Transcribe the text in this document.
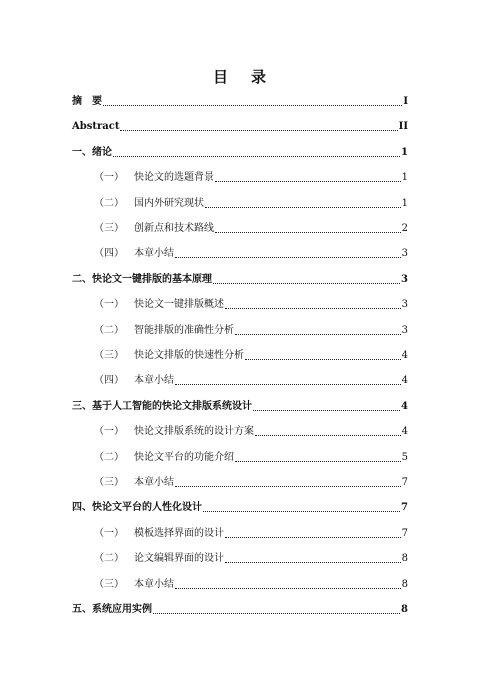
目 录
摘　要	I
Abstract	II
一、绪论	1
（一） 快论文的选题背景	1
（二） 国内外研究现状	1
（三） 创新点和技术路线	2
（四） 本章小结	3
二、快论文一键排版的基本原理	3
（一） 快论文一键排版概述	3
（二） 智能排版的准确性分析	3
（三） 快论文排版的快速性分析	4
（四） 本章小结	4
三、基于人工智能的快论文排版系统设计	4
（一） 快论文排版系统的设计方案	4
（二） 快论文平台的功能介绍	5
（三） 本章小结	7
四、快论文平台的人性化设计	7
（一） 模板选择界面的设计	7
（二） 论文编辑界面的设计	8
（三） 本章小结	8
五、系统应用实例	8
